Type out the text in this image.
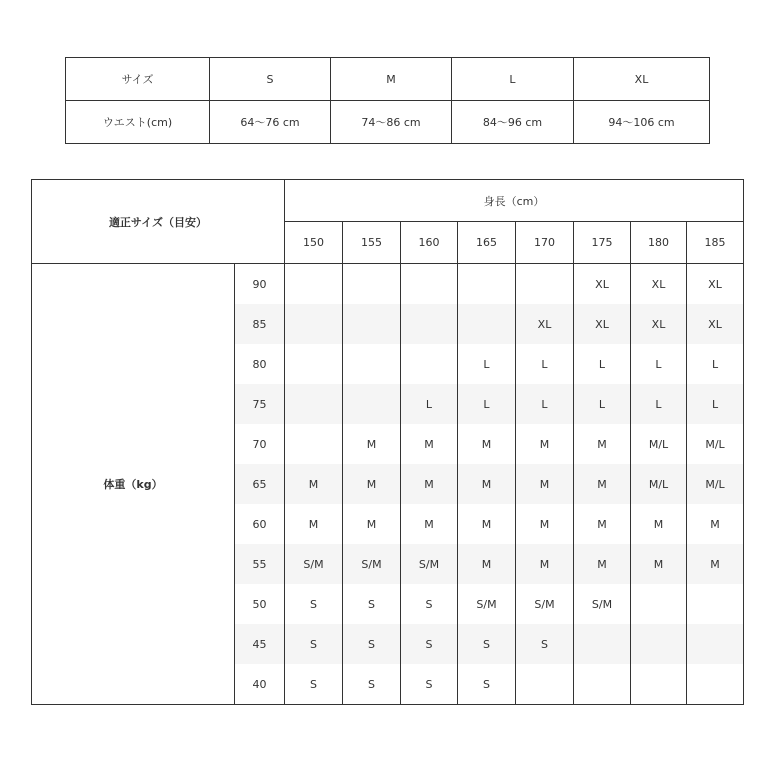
サイズ	S	M	L	XL
ウエスト(cm)	64～76 cm	74～86 cm	84～96 cm	94～106 cm
適正サイズ（目安）		身長（cm）							
		150	155	160	165	170	175	180	185
体重（kg）	90						XL	XL	XL
	85					XL	XL	XL	XL
	80				L	L	L	L	L
	75			L	L	L	L	L	L
	70		M	M	M	M	M	M/L	M/L
	65	M	M	M	M	M	M	M/L	M/L
	60	M	M	M	M	M	M	M	M
	55	S/M	S/M	S/M	M	M	M	M	M
	50	S	S	S	S/M	S/M	S/M		
	45	S	S	S	S	S			
	40	S	S	S	S				
